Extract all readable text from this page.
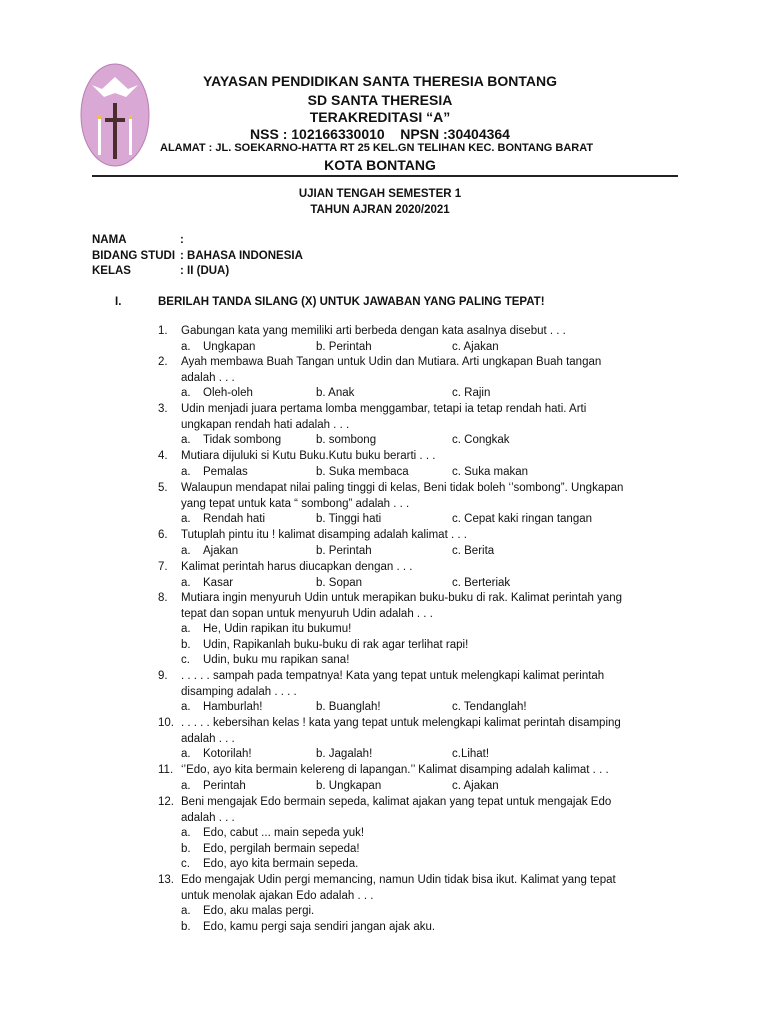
YAYASAN PENDIDIKAN SANTA THERESIA BONTANG
SD SANTA THERESIA
TERAKREDITASI “A”
NSS : 102166330010    NPSN :30404364
ALAMAT : JL. SOEKARNO-HATTA RT 25 KEL.GN TELIHAN KEC. BONTANG BARAT
KOTA BONTANG
UJIAN TENGAH SEMESTER 1
TAHUN AJRAN 2020/2021
NAMA	:
BIDANG STUDI : BAHASA INDONESIA
KELAS	: II (DUA)
I.	BERILAH TANDA SILANG (X) UNTUK JAWABAN YANG PALING TEPAT!
1. Gabungan kata yang memiliki arti berbeda dengan kata asalnya disebut . . .
a. Ungkapan	b. Perintah	c. Ajakan
2. Ayah membawa Buah Tangan untuk Udin dan Mutiara. Arti ungkapan Buah tangan
adalah . . .
a. Oleh-oleh	b. Anak	c. Rajin
3. Udin menjadi juara pertama lomba menggambar, tetapi ia tetap rendah hati. Arti
ungkapan rendah hati adalah . . .
a. Tidak sombong	b. sombong	c. Congkak
4. Mutiara dijuluki si Kutu Buku.Kutu buku berarti . . .
a. Pemalas	b. Suka membaca	c. Suka makan
5. Walaupun mendapat nilai paling tinggi di kelas, Beni tidak boleh ‘’sombong”. Ungkapan
yang tepat untuk kata “ sombong” adalah . . .
a. Rendah hati	b. Tinggi hati	c. Cepat kaki ringan tangan
6. Tutuplah pintu itu ! kalimat disamping adalah kalimat . . .
a. Ajakan	b. Perintah	c. Berita
7. Kalimat perintah harus diucapkan dengan . . .
a. Kasar	b. Sopan	c. Berteriak
8. Mutiara ingin menyuruh Udin untuk merapikan buku-buku di rak. Kalimat perintah yang
tepat dan sopan untuk menyuruh Udin adalah . . .
a. He, Udin rapikan itu bukumu!
b. Udin, Rapikanlah buku-buku di rak agar terlihat rapi!
c. Udin, buku mu rapikan sana!
9. . . . . . sampah pada tempatnya! Kata yang tepat untuk melengkapi kalimat perintah
disamping adalah . . . .
a. Hamburlah!	b. Buanglah!	c. Tendanglah!
10. . . . . . kebersihan kelas ! kata yang tepat untuk melengkapi kalimat perintah disamping
adalah . . .
a. Kotorilah!	b. Jagalah!	c.Lihat!
11. ‘’Edo, ayo kita bermain kelereng di lapangan.’’ Kalimat disamping adalah kalimat . . .
a. Perintah	b. Ungkapan	c. Ajakan
12. Beni mengajak Edo bermain sepeda, kalimat ajakan yang tepat untuk mengajak Edo
adalah . . .
a. Edo, cabut ... main sepeda yuk!
b. Edo, pergilah bermain sepeda!
c. Edo, ayo kita bermain sepeda.
13. Edo mengajak Udin pergi memancing, namun Udin tidak bisa ikut. Kalimat yang tepat
untuk menolak ajakan Edo adalah . . .
a. Edo, aku malas pergi.
b. Edo, kamu pergi saja sendiri jangan ajak aku.
